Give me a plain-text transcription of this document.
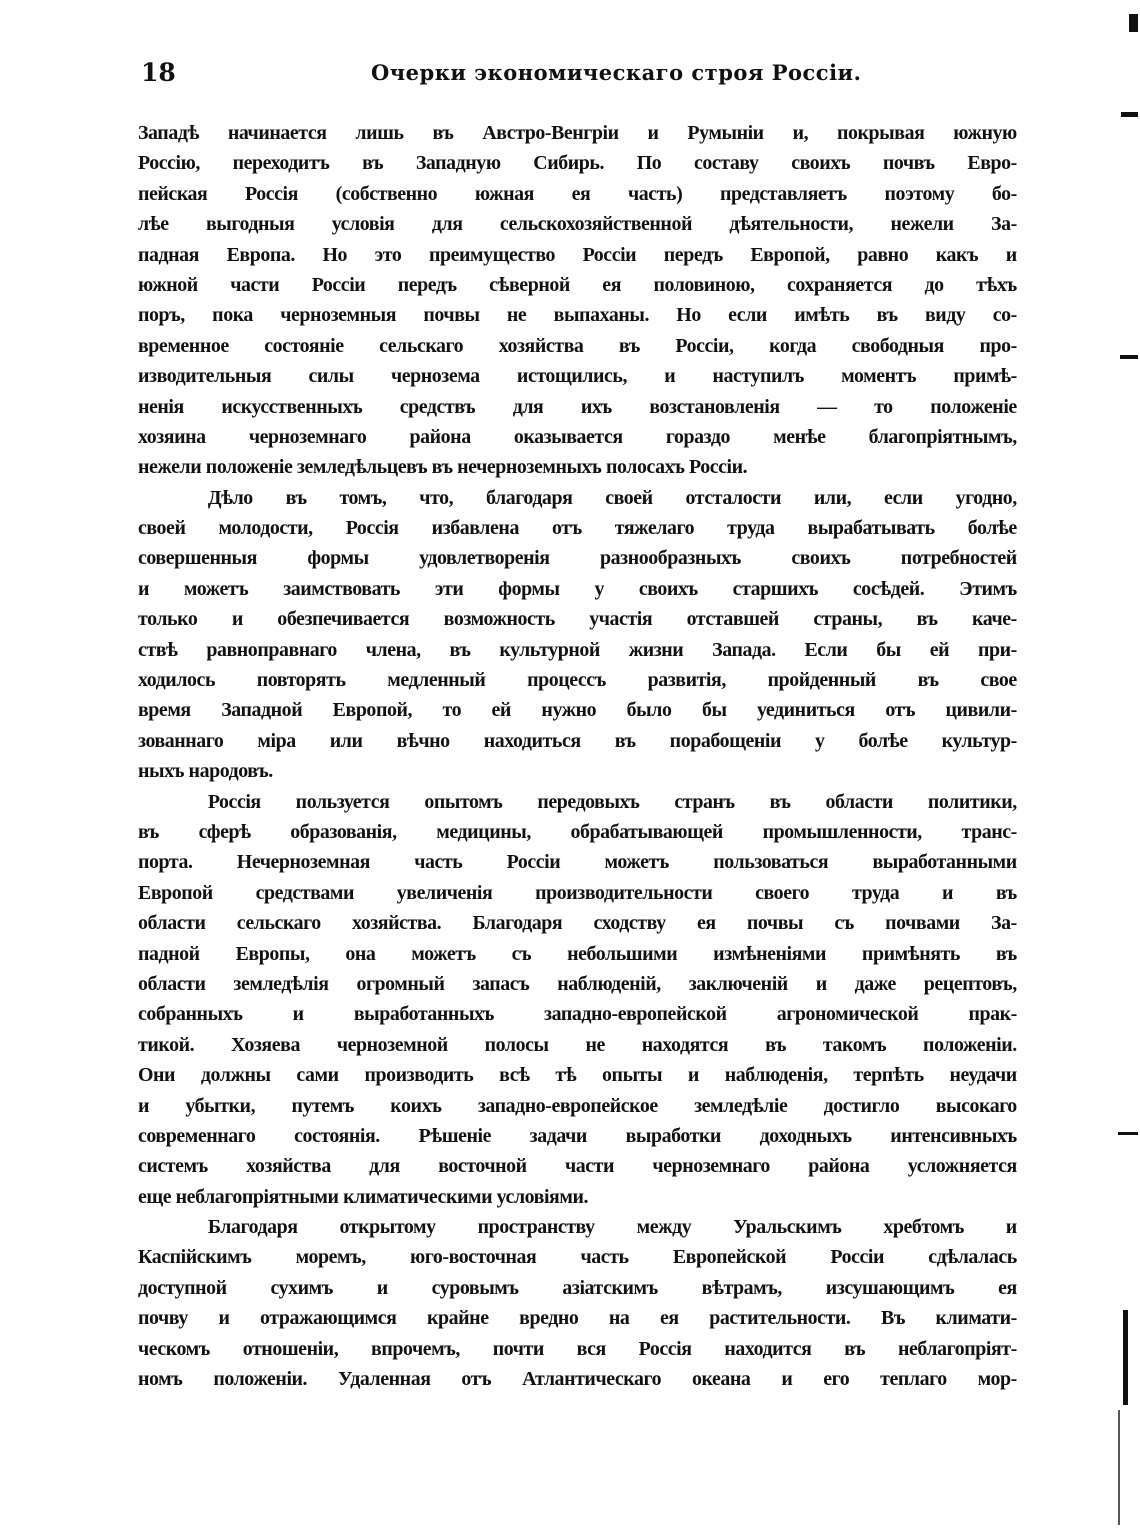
18	Очерки экономическаго строя Россіи.
Западѣ начинается лишь въ Австро-Венгріи и Румыніи и, покрывая южную
Россію, переходитъ въ Западную Сибирь. По составу своихъ почвъ Евро-
пейская Россія (собственно южная ея часть) представляетъ поэтому бо-
лѣе выгодныя условія для сельскохозяйственной дѣятельности, нежели За-
падная Европа. Но это преимущество Россіи передъ Европой, равно какъ и
южной части Россіи передъ сѣверной ея половиною, сохраняется до тѣхъ
поръ, пока черноземныя почвы не выпаханы. Но если имѣть въ виду со-
временное состояніе сельскаго хозяйства въ Россіи, когда свободныя про-
изводительныя силы чернозема истощились, и наступилъ моментъ примѣ-
ненія искусственныхъ средствъ для ихъ возстановленія — то положеніе
хозяина черноземнаго района оказывается гораздо менѣе благопріятнымъ,
нежели положеніе земледѣльцевъ въ нечерноземныхъ полосахъ Россіи.
Дѣло въ томъ, что, благодаря своей отсталости или, если угодно,
своей молодости, Россія избавлена отъ тяжелаго труда вырабатывать болѣе
совершенныя формы удовлетворенія разнообразныхъ своихъ потребностей
и можетъ заимствовать эти формы у своихъ старшихъ сосѣдей. Этимъ
только и обезпечивается возможность участія отставшей страны, въ каче-
ствѣ равноправнаго члена, въ культурной жизни Запада. Если бы ей при-
ходилось повторять медленный процессъ развитія, пройденный въ свое
время Западной Европой, то ей нужно было бы уединиться отъ цивили-
зованнаго міра или вѣчно находиться въ порабощеніи у болѣе культур-
ныхъ народовъ.
Россія пользуется опытомъ передовыхъ странъ въ области политики,
въ сферѣ образованія, медицины, обрабатывающей промышленности, транс-
порта. Нечерноземная часть Россіи можетъ пользоваться выработанными
Европой средствами увеличенія производительности своего труда и въ
области сельскаго хозяйства. Благодаря сходству ея почвы съ почвами За-
падной Европы, она можетъ съ небольшими измѣненіями примѣнять въ
области земледѣлія огромный запасъ наблюденій, заключеній и даже рецептовъ,
собранныхъ и выработанныхъ западно-европейской агрономической прак-
тикой. Хозяева черноземной полосы не находятся въ такомъ положеніи.
Они должны сами производить всѣ тѣ опыты и наблюденія, терпѣть неудачи
и убытки, путемъ коихъ западно-европейское земледѣліе достигло высокаго
современнаго состоянія. Рѣшеніе задачи выработки доходныхъ интенсивныхъ
системъ хозяйства для восточной части черноземнаго района усложняется
еще неблагопріятными климатическими условіями.
Благодаря открытому пространству между Уральскимъ хребтомъ и
Каспійскимъ моремъ, юго-восточная часть Европейской Россіи сдѣлалась
доступной сухимъ и суровымъ азіатскимъ вѣтрамъ, изсушающимъ ея
почву и отражающимся крайне вредно на ея растительности. Въ климати-
ческомъ отношеніи, впрочемъ, почти вся Россія находится въ неблагопріят-
номъ положеніи. Удаленная отъ Атлантическаго океана и его теплаго мор-
